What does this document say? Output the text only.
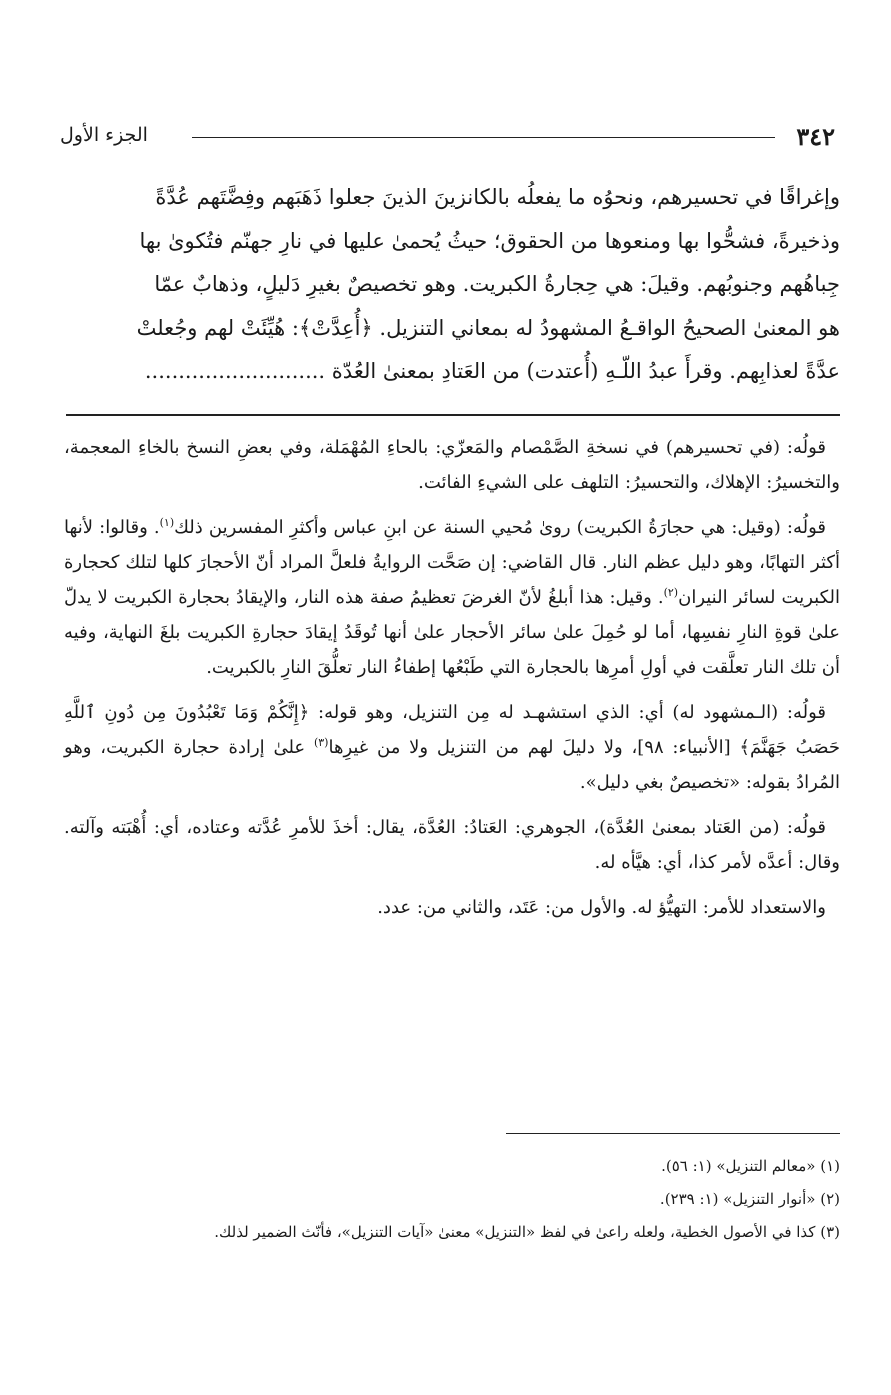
٣٤٢
الجزء الأول

وإغراقًا في تحسيرهم، ونحوُه ما يفعلُه بالكانزينَ الذينَ جعلوا ذَهَبَهم وفِضَّتَهم عُدَّةً

وذخيرةً، فشحُّوا بها ومنعوها من الحقوق؛ حيثُ يُحمىٰ عليها في نارِ جهنّم فتُكوىٰ بها

جِباهُهم وجنوبُهم. وقيلَ: هي حِجارةُ الكبريت. وهو تخصيصٌ بغيرِ دَليلٍ، وذهابٌ عمّا

هو المعنىٰ الصحيحُ الواقـعُ المشهودُ له بمعاني التنزيل. ﴿أُعِدَّتْ﴾: هُيِّئَتْ لهم وجُعلتْ

عدَّةً لعذابِهم. وقرأَ عبدُ اللّـهِ (أُعتدت) من العَتادِ بمعنىٰ العُدّة ...........................

قولُه: (في تحسيرهم) في نسخةِ الصَّمْصام والمَعزّي: بالحاءِ المُهْمَلة، وفي بعضِ النسخ بالخاءِ المعجمة، والتخسيرُ: الإهلاك، والتحسيرُ: التلهف على الشيءِ الفائت.

قولُه: (وقيل: هي حجارَةُ الكبريت) روىٰ مُحيي السنة عن ابنِ عباس وأكثرِ المفسرين ذلك$^{(١)}$. وقالوا: لأنها أكثر التهابًا، وهو دليل عظم النار. قال القاضي: إن صَحَّت الروايةُ فلعلَّ المراد أنّ الأحجارَ كلها لتلك كحجارة الكبريت لسائر النيران$^{(٢)}$. وقيل: هذا أبلغُ لأنّ الغرضَ تعظيمُ صفة هذه النار، والإيقادُ بحجارة الكبريت لا يدلّ علىٰ قوةِ النارِ نفسِها، أما لو حُمِلَ علىٰ سائر الأحجار علىٰ أنها تُوقَدُ إيقادَ حجارةِ الكبريت بلغَ النهاية، وفيه أن تلك النار تعلَّقت في أولِ أمرِها بالحجارة التي طَبْعُها إطفاءُ النار تعلُّقَ النارِ بالكبريت.

قولُه: (الـمشهود له) أي: الذي استشهـد له مِن التنزيل، وهو قوله: ﴿إِنَّكُمْ وَمَا تَعْبُدُونَ مِن دُونِ ٱللَّهِ حَصَبُ جَهَنَّمَ﴾ [الأنبياء: ٩٨]، ولا دليلَ لهم من التنزيل ولا من غيرِها$^{(٣)}$ علىٰ إرادة حجارة الكبريت، وهو المُرادُ بقوله: «تخصيصٌ بغي دليل».

قولُه: (من العَتاد بمعنىٰ العُدَّة)، الجوهري: العَتادُ: العُدَّة، يقال: أخذَ للأمرِ عُدَّته وعتاده، أي: أُهْبَته وآلته. وقال: أعدَّه لأمر كذا، أي: هيَّأه له.

والاستعداد للأمر: التهيُّؤ له. والأول من: عَتَد، والثاني من: عدد.

(١) «معالم التنزيل» (١: ٥٦).

(٢) «أنوار التنزيل» (١: ٢٣٩).

(٣) كذا في الأصول الخطية، ولعله راعىٰ في لفظ «التنزيل» معنىٰ «آيات التنزيل»، فأنّث الضمير لذلك.
